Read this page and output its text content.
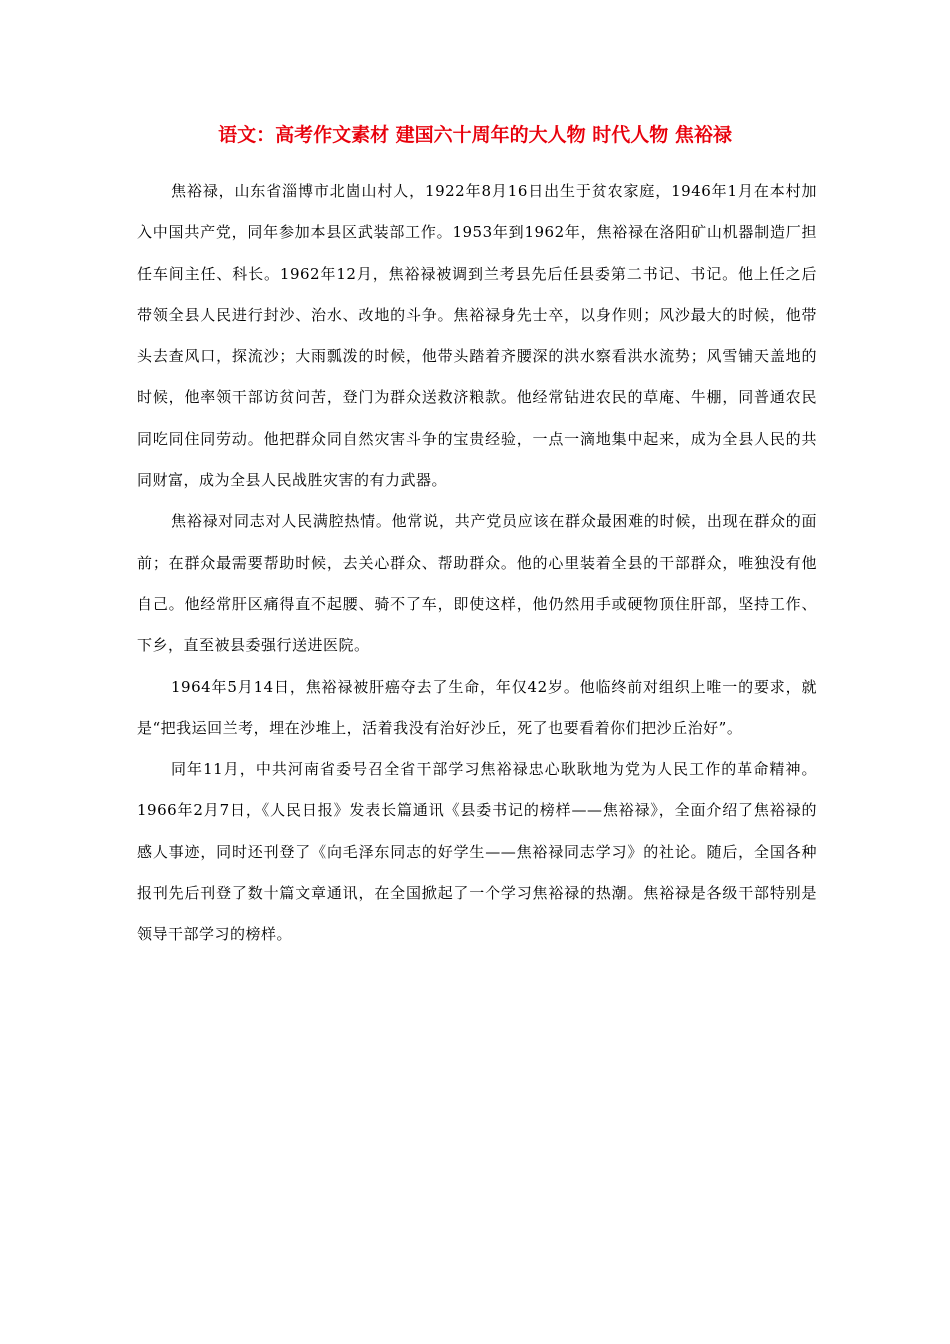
语文：高考作文素材 建国六十周年的大人物 时代人物 焦裕禄

焦裕禄，山东省淄博市北崮山村人，1922年8月16日出生于贫农家庭，1946年1月在本村加入中国共产党，同年参加本县区武装部工作。1953年到1962年，焦裕禄在洛阳矿山机器制造厂担任车间主任、科长。1962年12月，焦裕禄被调到兰考县先后任县委第二书记、书记。他上任之后带领全县人民进行封沙、治水、改地的斗争。焦裕禄身先士卒，以身作则；风沙最大的时候，他带头去查风口，探流沙；大雨瓢泼的时候，他带头踏着齐腰深的洪水察看洪水流势；风雪铺天盖地的时候，他率领干部访贫问苦，登门为群众送救济粮款。他经常钻进农民的草庵、牛棚，同普通农民同吃同住同劳动。他把群众同自然灾害斗争的宝贵经验，一点一滴地集中起来，成为全县人民的共同财富，成为全县人民战胜灾害的有力武器。

焦裕禄对同志对人民满腔热情。他常说，共产党员应该在群众最困难的时候，出现在群众的面前；在群众最需要帮助时候，去关心群众、帮助群众。他的心里装着全县的干部群众，唯独没有他自己。他经常肝区痛得直不起腰、骑不了车，即使这样，他仍然用手或硬物顶住肝部，坚持工作、下乡，直至被县委强行送进医院。

1964年5月14日，焦裕禄被肝癌夺去了生命，年仅42岁。他临终前对组织上唯一的要求，就是“把我运回兰考，埋在沙堆上，活着我没有治好沙丘，死了也要看着你们把沙丘治好”。

同年11月，中共河南省委号召全省干部学习焦裕禄忠心耿耿地为党为人民工作的革命精神。1966年2月7日，《人民日报》发表长篇通讯《县委书记的榜样——焦裕禄》，全面介绍了焦裕禄的感人事迹，同时还刊登了《向毛泽东同志的好学生——焦裕禄同志学习》的社论。随后，全国各种报刊先后刊登了数十篇文章通讯，在全国掀起了一个学习焦裕禄的热潮。焦裕禄是各级干部特别是领导干部学习的榜样。
